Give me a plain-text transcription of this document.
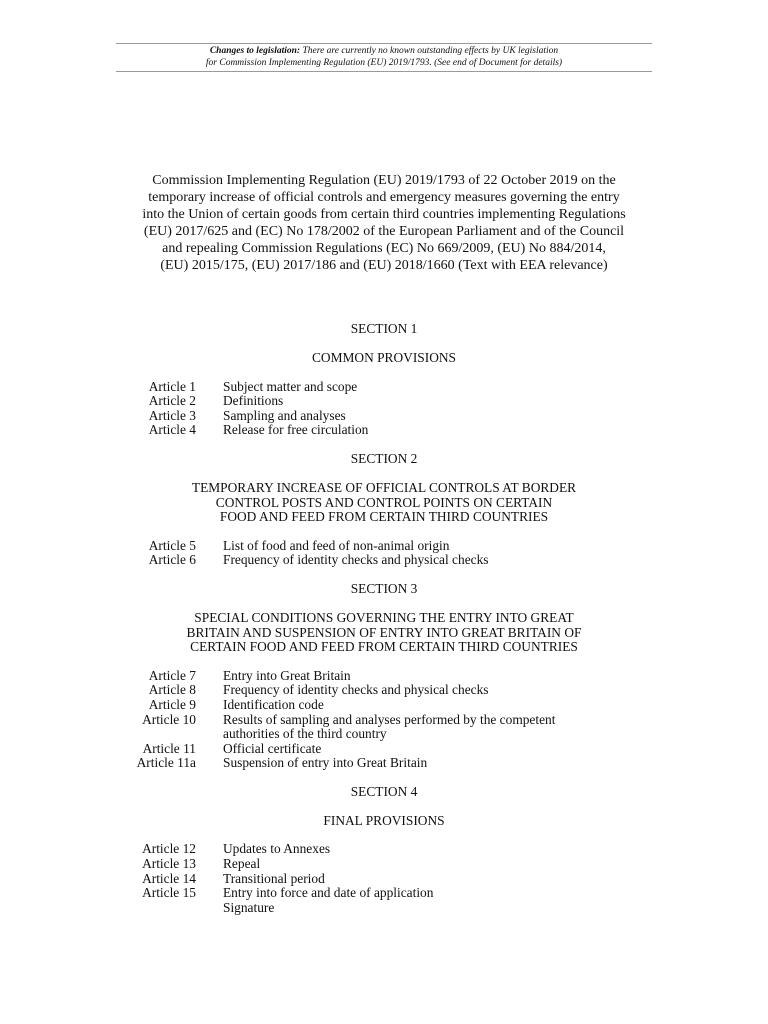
Changes to legislation: There are currently no known outstanding effects by UK legislation
for Commission Implementing Regulation (EU) 2019/1793. (See end of Document for details)
Commission Implementing Regulation (EU) 2019/1793 of 22 October 2019 on the
temporary increase of official controls and emergency measures governing the entry
into the Union of certain goods from certain third countries implementing Regulations
(EU) 2017/625 and (EC) No 178/2002 of the European Parliament and of the Council
and repealing Commission Regulations (EC) No 669/2009, (EU) No 884/2014,
(EU) 2015/175, (EU) 2017/186 and (EU) 2018/1660 (Text with EEA relevance)
SECTION 1
COMMON PROVISIONS
Article 1 Subject matter and scope
Article 2 Definitions
Article 3 Sampling and analyses
Article 4 Release for free circulation
SECTION 2
TEMPORARY INCREASE OF OFFICIAL CONTROLS AT BORDER
CONTROL POSTS AND CONTROL POINTS ON CERTAIN
FOOD AND FEED FROM CERTAIN THIRD COUNTRIES
Article 5 List of food and feed of non-animal origin
Article 6 Frequency of identity checks and physical checks
SECTION 3
SPECIAL CONDITIONS GOVERNING THE ENTRY INTO GREAT
BRITAIN AND SUSPENSION OF ENTRY INTO GREAT BRITAIN OF
CERTAIN FOOD AND FEED FROM CERTAIN THIRD COUNTRIES
Article 7 Entry into Great Britain
Article 8 Frequency of identity checks and physical checks
Article 9 Identification code
Article 10 Results of sampling and analyses performed by the competent
authorities of the third country
Article 11 Official certificate
Article 11a Suspension of entry into Great Britain
SECTION 4
FINAL PROVISIONS
Article 12 Updates to Annexes
Article 13 Repeal
Article 14 Transitional period
Article 15 Entry into force and date of application
Signature
